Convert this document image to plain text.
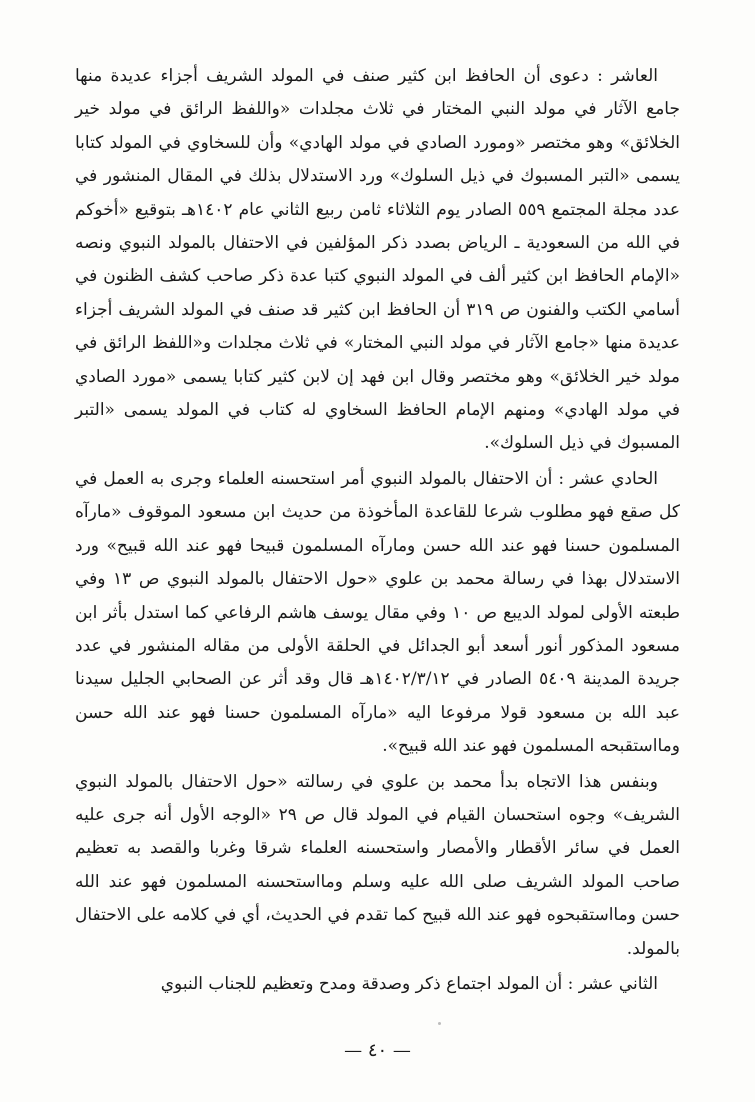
العاشر : دعوى أن الحافظ ابن كثير صنف في المولد الشريف أجزاء عديدة منها جامع الآثار في مولد النبي المختار في ثلاث مجلدات «واللفظ الرائق في مولد خير الخلائق» وهو مختصر «ومورد الصادي في مولد الهادي» وأن للسخاوي في المولد كتابا يسمى «التبر المسبوك في ذيل السلوك» ورد الاستدلال بذلك في المقال المنشور في عدد مجلة المجتمع ٥٥٩ الصادر يوم الثلاثاء ثامن ربيع الثاني عام ١٤٠٢هـ بتوقيع «أخوكم في الله من السعودية ـ الرياض بصدد ذكر المؤلفين في الاحتفال بالمولد النبوي ونصه «الإمام الحافظ ابن كثير ألف في المولد النبوي كتبا عدة ذكر صاحب كشف الظنون في أسامي الكتب والفنون ص ٣١٩ أن الحافظ ابن كثير قد صنف في المولد الشريف أجزاء عديدة منها «جامع الآثار في مولد النبي المختار» في ثلاث مجلدات و«اللفظ الرائق في مولد خير الخلائق» وهو مختصر وقال ابن فهد إن لابن كثير كتابا يسمى «مورد الصادي في مولد الهادي» ومنهم الإمام الحافظ السخاوي له كتاب في المولد يسمى «التبر المسبوك في ذيل السلوك».

الحادي عشر : أن الاحتفال بالمولد النبوي أمر استحسنه العلماء وجرى به العمل في كل صقع فهو مطلوب شرعا للقاعدة المأخوذة من حديث ابن مسعود الموقوف «مارآه المسلمون حسنا فهو عند الله حسن ومارآه المسلمون قبيحا فهو عند الله قبيح» ورد الاستدلال بهذا في رسالة محمد بن علوي «حول الاحتفال بالمولد النبوي ص ١٣ وفي طبعته الأولى لمولد الديبع ص ١٠ وفي مقال يوسف هاشم الرفاعي كما استدل بأثر ابن مسعود المذكور أنور أسعد أبو الجدائل في الحلقة الأولى من مقاله المنشور في عدد جريدة المدينة ٥٤٠٩ الصادر في ١٤٠٢/٣/١٢هـ قال وقد أثر عن الصحابي الجليل سيدنا عبد الله بن مسعود قولا مرفوعا اليه «مارآه المسلمون حسنا فهو عند الله حسن ومااستقبحه المسلمون فهو عند الله قبيح».

وبنفس هذا الاتجاه بدأ محمد بن علوي في رسالته «حول الاحتفال بالمولد النبوي الشريف» وجوه استحسان القيام في المولد قال ص ٢٩ «الوجه الأول أنه جرى عليه العمل في سائر الأقطار والأمصار واستحسنه العلماء شرقا وغربا والقصد به تعظيم صاحب المولد الشريف صلى الله عليه وسلم ومااستحسنه المسلمون فهو عند الله حسن ومااستقبحوه فهو عند الله قبيح كما تقدم في الحديث، أي في كلامه على الاحتفال بالمولد.

الثاني عشر : أن المولد اجتماع ذكر وصدقة ومدح وتعظيم للجناب النبوي

— ٤٠ —
